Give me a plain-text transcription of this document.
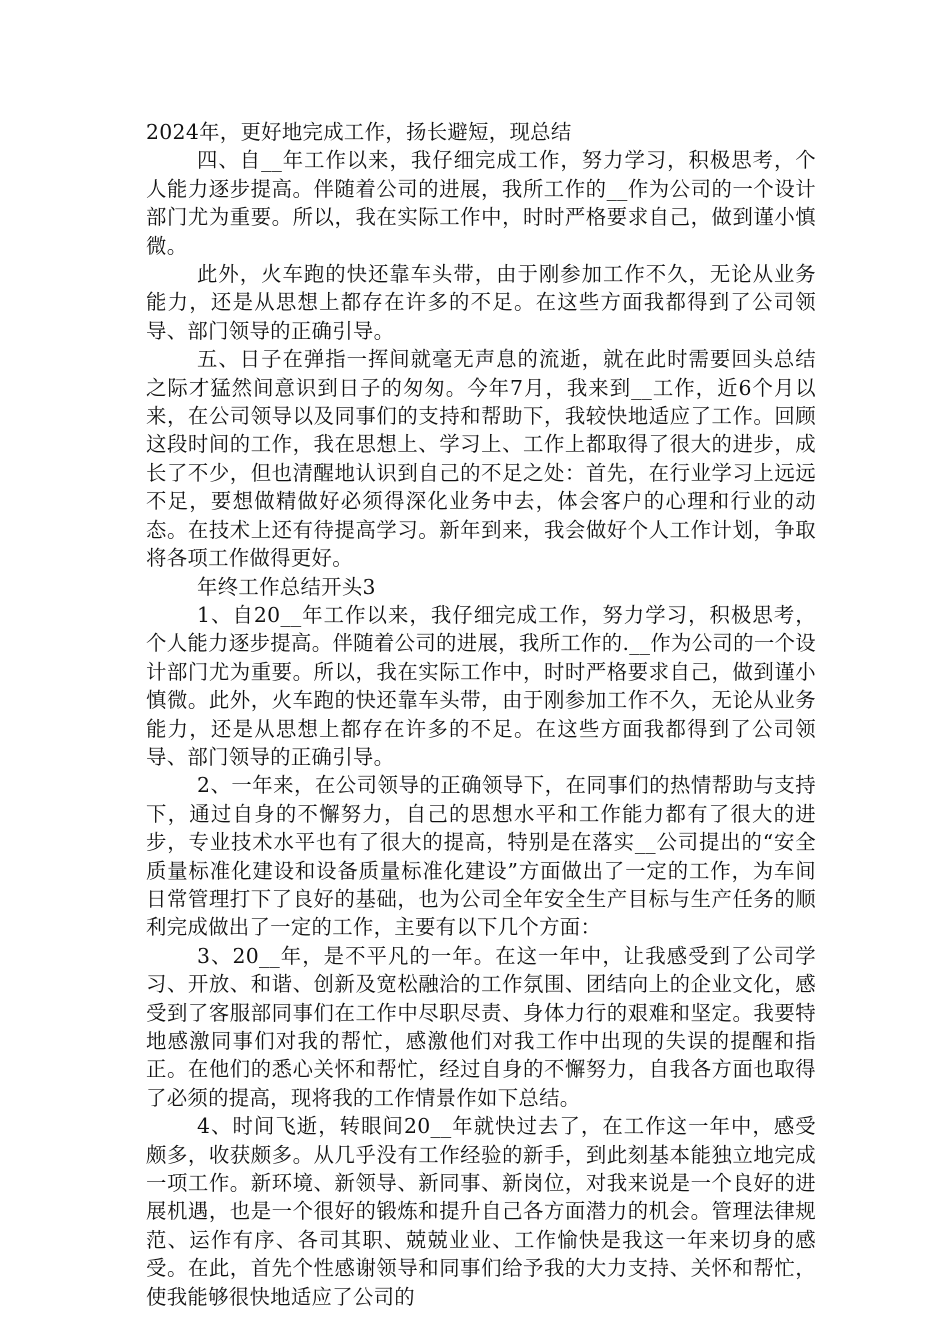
2024年，更好地完成工作，扬长避短，现总结

四、自__年工作以来，我仔细完成工作，努力学习，积极思考，个人能力逐步提高。伴随着公司的进展，我所工作的__作为公司的一个设计部门尤为重要。所以，我在实际工作中，时时严格要求自己，做到谨小慎微。

此外，火车跑的快还靠车头带，由于刚参加工作不久，无论从业务能力，还是从思想上都存在许多的不足。在这些方面我都得到了公司领导、部门领导的正确引导。

五、日子在弹指一挥间就毫无声息的流逝，就在此时需要回头总结之际才猛然间意识到日子的匆匆。今年7月，我来到__工作，近6个月以来，在公司领导以及同事们的支持和帮助下，我较快地适应了工作。回顾这段时间的工作，我在思想上、学习上、工作上都取得了很大的进步，成长了不少，但也清醒地认识到自己的不足之处：首先，在行业学习上远远不足，要想做精做好必须得深化业务中去，体会客户的心理和行业的动态。在技术上还有待提高学习。新年到来，我会做好个人工作计划，争取将各项工作做得更好。

年终工作总结开头3

1、自20__年工作以来，我仔细完成工作，努力学习，积极思考，个人能力逐步提高。伴随着公司的进展，我所工作的.__作为公司的一个设计部门尤为重要。所以，我在实际工作中，时时严格要求自己，做到谨小慎微。此外，火车跑的快还靠车头带，由于刚参加工作不久，无论从业务能力，还是从思想上都存在许多的不足。在这些方面我都得到了公司领导、部门领导的正确引导。

2、一年来，在公司领导的正确领导下，在同事们的热情帮助与支持下，通过自身的不懈努力，自己的思想水平和工作能力都有了很大的进步，专业技术水平也有了很大的提高，特别是在落实__公司提出的“安全质量标准化建设和设备质量标准化建设”方面做出了一定的工作，为车间日常管理打下了良好的基础，也为公司全年安全生产目标与生产任务的顺利完成做出了一定的工作，主要有以下几个方面：

3、20__年，是不平凡的一年。在这一年中，让我感受到了公司学习、开放、和谐、创新及宽松融洽的工作氛围、团结向上的企业文化，感受到了客服部同事们在工作中尽职尽责、身体力行的艰难和坚定。我要特地感激同事们对我的帮忙，感激他们对我工作中出现的失误的提醒和指正。在他们的悉心关怀和帮忙，经过自身的不懈努力，自我各方面也取得了必须的提高，现将我的工作情景作如下总结。

4、时间飞逝，转眼间20__年就快过去了，在工作这一年中，感受颇多，收获颇多。从几乎没有工作经验的新手，到此刻基本能独立地完成一项工作。新环境、新领导、新同事、新岗位，对我来说是一个良好的进展机遇，也是一个很好的锻炼和提升自己各方面潜力的机会。管理法律规范、运作有序、各司其职、兢兢业业、工作愉快是我这一年来切身的感受。在此，首先个性感谢领导和同事们给予我的大力支持、关怀和帮忙，使我能够很快地适应了公司的
